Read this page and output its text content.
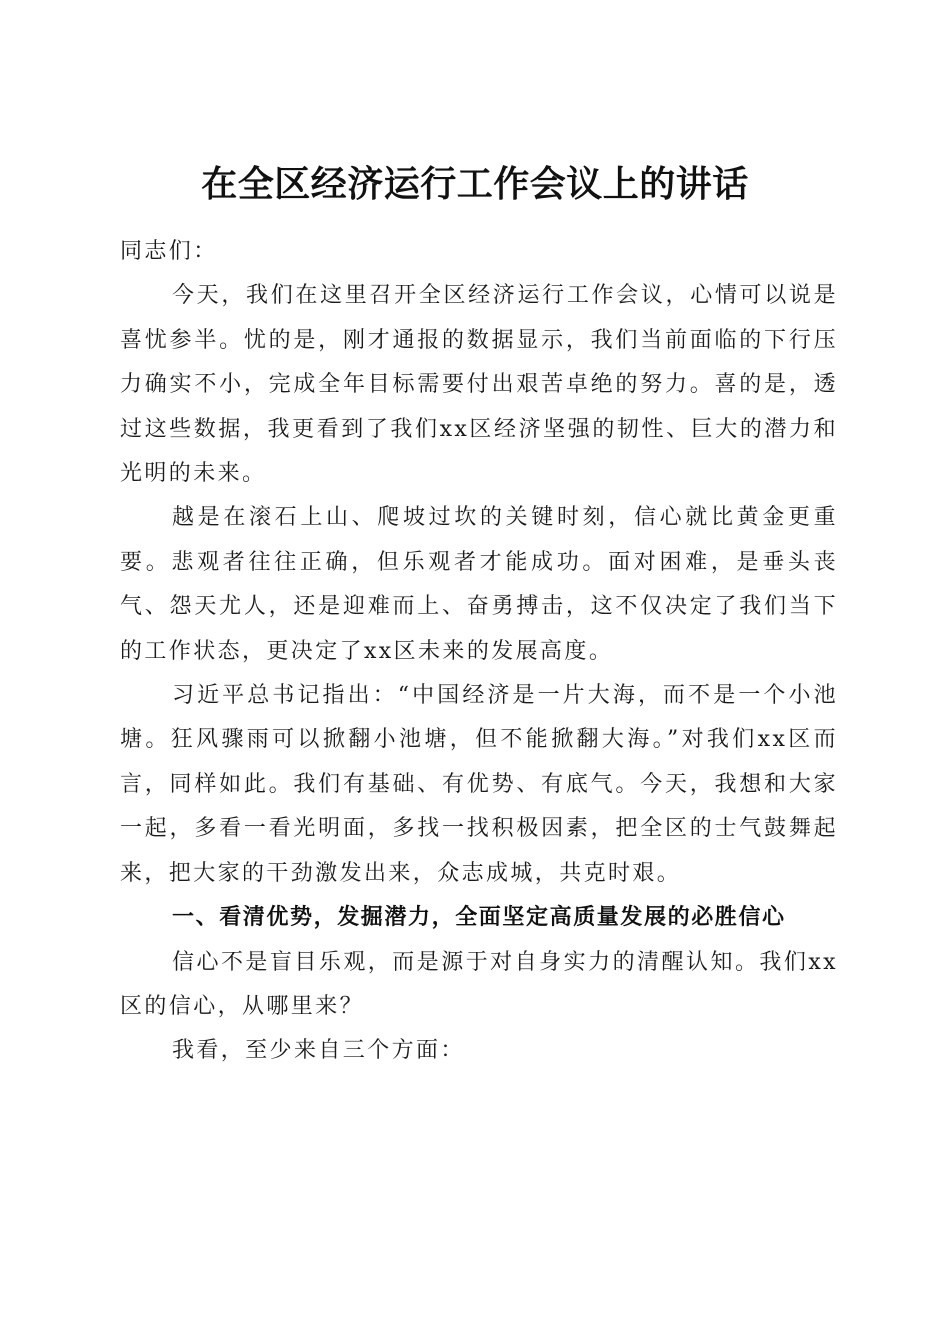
在全区经济运行工作会议上的讲话

同志们：

今天，我们在这里召开全区经济运行工作会议，心情可以说是喜忧参半。忧的是，刚才通报的数据显示，我们当前面临的下行压力确实不小，完成全年目标需要付出艰苦卓绝的努力。喜的是，透过这些数据，我更看到了我们xx区经济坚强的韧性、巨大的潜力和光明的未来。

越是在滚石上山、爬坡过坎的关键时刻，信心就比黄金更重要。悲观者往往正确，但乐观者才能成功。面对困难，是垂头丧气、怨天尤人，还是迎难而上、奋勇搏击，这不仅决定了我们当下的工作状态，更决定了xx区未来的发展高度。

习近平总书记指出：“中国经济是一片大海，而不是一个小池塘。狂风骤雨可以掀翻小池塘，但不能掀翻大海。”对我们xx区而言，同样如此。我们有基础、有优势、有底气。今天，我想和大家一起，多看一看光明面，多找一找积极因素，把全区的士气鼓舞起来，把大家的干劲激发出来，众志成城，共克时艰。

一、看清优势，发掘潜力，全面坚定高质量发展的必胜信心

信心不是盲目乐观，而是源于对自身实力的清醒认知。我们xx区的信心，从哪里来？

我看，至少来自三个方面：
